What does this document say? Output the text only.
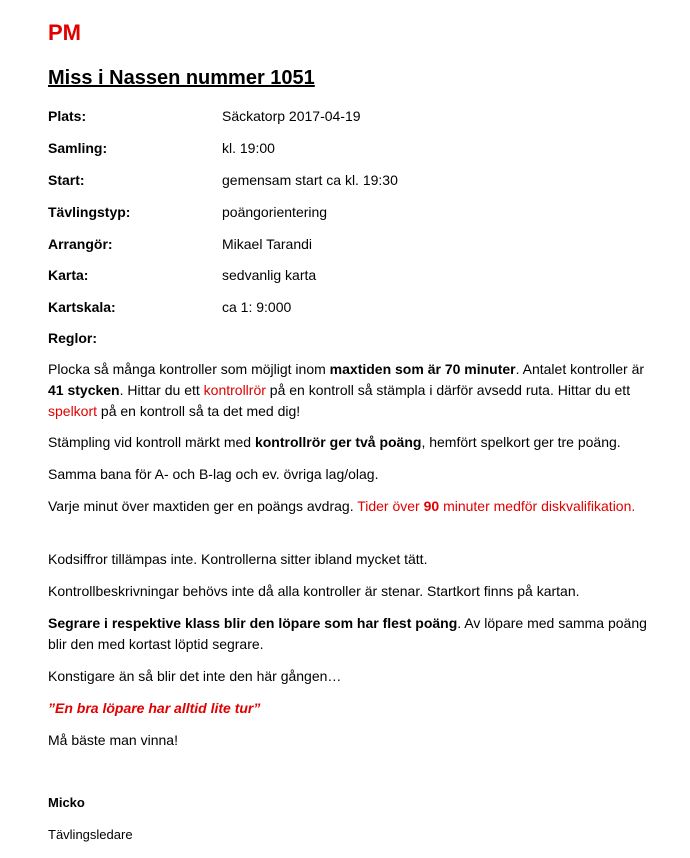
PM
Miss i Nassen nummer 1051
Plats:	Säckatorp 2017-04-19
Samling:	kl. 19:00
Start:	gemensam start ca kl. 19:30
Tävlingstyp:	poängorientering
Arrangör:	Mikael Tarandi
Karta:	sedvanlig karta
Kartskala:	ca 1: 9:000
Reglor:
Plocka så många kontroller som möjligt inom maxtiden som är 70 minuter. Antalet kontroller är 41 stycken. Hittar du ett kontrollrör på en kontroll så stämpla i därför avsedd ruta. Hittar du ett spelkort på en kontroll så ta det med dig!
Stämpling vid kontroll märkt med kontrollrör ger två poäng, hemfört spelkort ger tre poäng.
Samma bana för A- och B-lag och ev. övriga lag/olag.
Varje minut över maxtiden ger en poängs avdrag. Tider över 90 minuter medför diskvalifikation.
Kodsiffror tillämpas inte. Kontrollerna sitter ibland mycket tätt.
Kontrollbeskrivningar behövs inte då alla kontroller är stenar. Startkort finns på kartan.
Segrare i respektive klass blir den löpare som har flest poäng. Av löpare med samma poäng blir den med kortast löptid segrare.
Konstigare än så blir det inte den här gången…
”En bra löpare har alltid lite tur”
Må bäste man vinna!
Micko
Tävlingsledare
